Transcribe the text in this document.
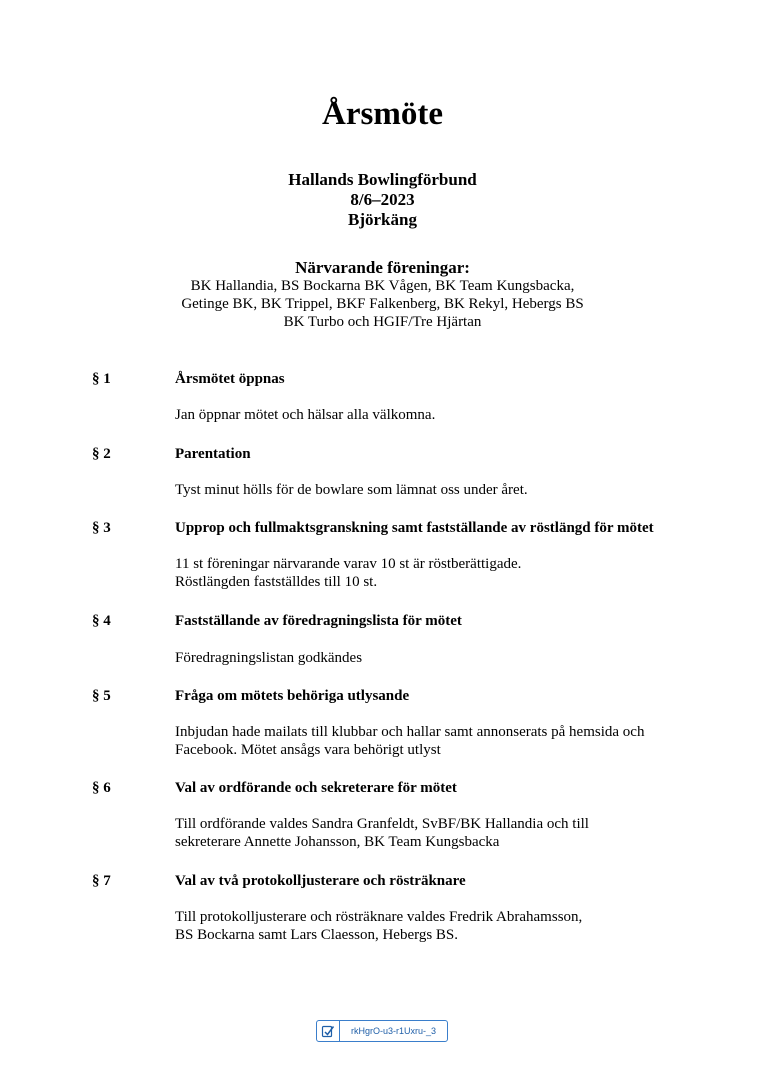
Årsmöte
Hallands Bowlingförbund
8/6–2023
Björkäng
Närvarande föreningar:
BK Hallandia, BS Bockarna BK Vågen, BK Team Kungsbacka,
Getinge BK, BK Trippel, BKF Falkenberg, BK Rekyl, Hebergs BS
BK Turbo och HGIF/Tre Hjärtan
§ 1	Årsmötet öppnas
Jan öppnar mötet och hälsar alla välkomna.
§ 2	Parentation
Tyst minut hölls för de bowlare som lämnat oss under året.
§ 3	Upprop och fullmaktsgranskning samt fastställande av röstlängd för mötet
11 st föreningar närvarande varav 10 st är röstberättigade.
Röstlängden fastställdes till 10 st.
§ 4	Fastställande av föredragningslista för mötet
Föredragningslistan godkändes
§ 5	Fråga om mötets behöriga utlysande
Inbjudan hade mailats till klubbar och hallar samt annonserats på hemsida och
Facebook. Mötet ansågs vara behörigt utlyst
§ 6	Val av ordförande och sekreterare för mötet
Till ordförande valdes Sandra Granfeldt, SvBF/BK Hallandia och till
sekreterare Annette Johansson, BK Team Kungsbacka
§ 7	Val av två protokolljusterare och rösträknare
Till protokolljusterare och rösträknare valdes Fredrik Abrahamsson,
BS Bockarna samt Lars Claesson, Hebergs BS.
rkHgrO-u3-r1Uxru-_3
